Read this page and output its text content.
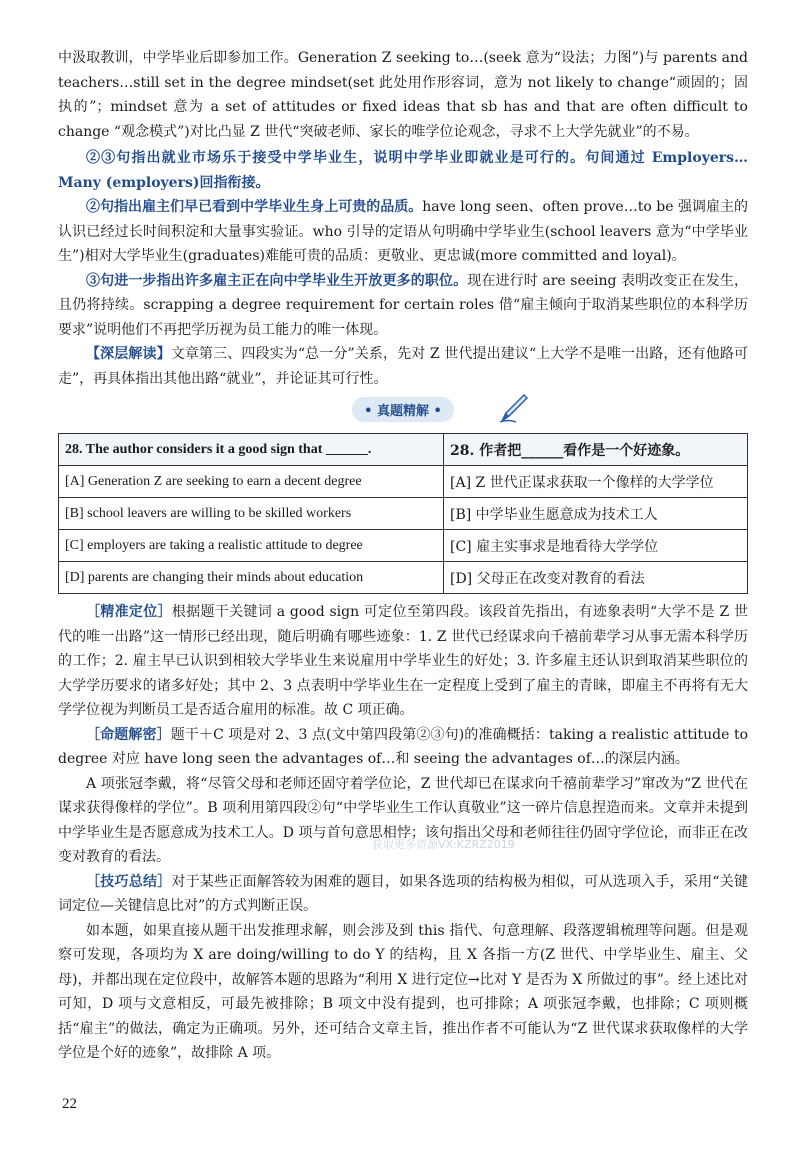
中汲取教训，中学毕业后即参加工作。Generation Z seeking to…(seek 意为“设法；力图”)与 parents and teachers…still set in the degree mindset(set 此处用作形容词，意为 not likely to change“顽固的；固执的”；mindset 意为 a set of attitudes or fixed ideas that sb has and that are often difficult to change “观念模式”)对比凸显 Z 世代“突破老师、家长的唯学位论观念，寻求不上大学先就业”的不易。

②③句指出就业市场乐于接受中学毕业生，说明中学毕业即就业是可行的。句间通过 Employers… Many (employers)回指衔接。

②句指出雇主们早已看到中学毕业生身上可贵的品质。have long seen、often prove…to be 强调雇主的认识已经过长时间积淀和大量事实验证。who 引导的定语从句明确中学毕业生(school leavers 意为“中学毕业生”)相对大学毕业生(graduates)难能可贵的品质：更敬业、更忠诚(more committed and loyal)。

③句进一步指出许多雇主正在向中学毕业生开放更多的职位。现在进行时 are seeing 表明改变正在发生，且仍将持续。scrapping a degree requirement for certain roles 借“雇主倾向于取消某些职位的本科学历要求”说明他们不再把学历视为员工能力的唯一体现。

【深层解读】文章第三、四段实为“总一分”关系，先对 Z 世代提出建议“上大学不是唯一出路，还有他路可走”，再具体指出其他出路“就业”，并论证其可行性。

• 真题精解 •
28. The author considers it a good sign that ______.	28. 作者把______看作是一个好迹象。
[A] Generation Z are seeking to earn a decent degree	[A] Z 世代正谋求获取一个像样的大学学位
[B] school leavers are willing to be skilled workers	[B] 中学毕业生愿意成为技术工人
[C] employers are taking a realistic attitude to degree	[C] 雇主实事求是地看待大学学位
[D] parents are changing their minds about education	[D] 父母正在改变对教育的看法

［精准定位］根据题干关键词 a good sign 可定位至第四段。该段首先指出，有迹象表明“大学不是 Z 世代的唯一出路”这一情形已经出现，随后明确有哪些迹象：1. Z 世代已经谋求向千禧前辈学习从事无需本科学历的工作；2. 雇主早已认识到相较大学毕业生来说雇用中学毕业生的好处；3. 许多雇主还认识到取消某些职位的大学学历要求的诸多好处；其中 2、3 点表明中学毕业生在一定程度上受到了雇主的青睐，即雇主不再将有无大学学位视为判断员工是否适合雇用的标准。故 C 项正确。

［命题解密］题干＋C 项是对 2、3 点(文中第四段第②③句)的准确概括：taking a realistic attitude to degree 对应 have long seen the advantages of…和 seeing the advantages of…的深层内涵。

A 项张冠李戴，将“尽管父母和老师还固守着学位论，Z 世代却已在谋求向千禧前辈学习”窜改为“Z 世代在谋求获得像样的学位”。B 项利用第四段②句“中学毕业生工作认真敬业”这一碎片信息捏造而来。文章并未提到中学毕业生是否愿意成为技术工人。D 项与首句意思相悖；该句指出父母和老师往往仍固守学位论，而非正在改变对教育的看法。

［技巧总结］对于某些正面解答较为困难的题目，如果各选项的结构极为相似，可从选项入手，采用“关键词定位—关键信息比对”的方式判断正误。

如本题，如果直接从题干出发推理求解，则会涉及到 this 指代、句意理解、段落逻辑梳理等问题。但是观察可发现，各项均为 X are doing/willing to do Y 的结构，且 X 各指一方(Z 世代、中学毕业生、雇主、父母)，并都出现在定位段中，故解答本题的思路为“利用 X 进行定位→比对 Y 是否为 X 所做过的事”。经上述比对可知，D 项与文意相反，可最先被排除；B 项文中没有提到，也可排除；A 项张冠李戴，也排除；C 项则概括“雇主”的做法，确定为正确项。另外，还可结合文章主旨，推出作者不可能认为“Z 世代谋求获取像样的大学学位是个好的迹象”，故排除 A 项。

获取更多资源VX:KZRZ2019
22
